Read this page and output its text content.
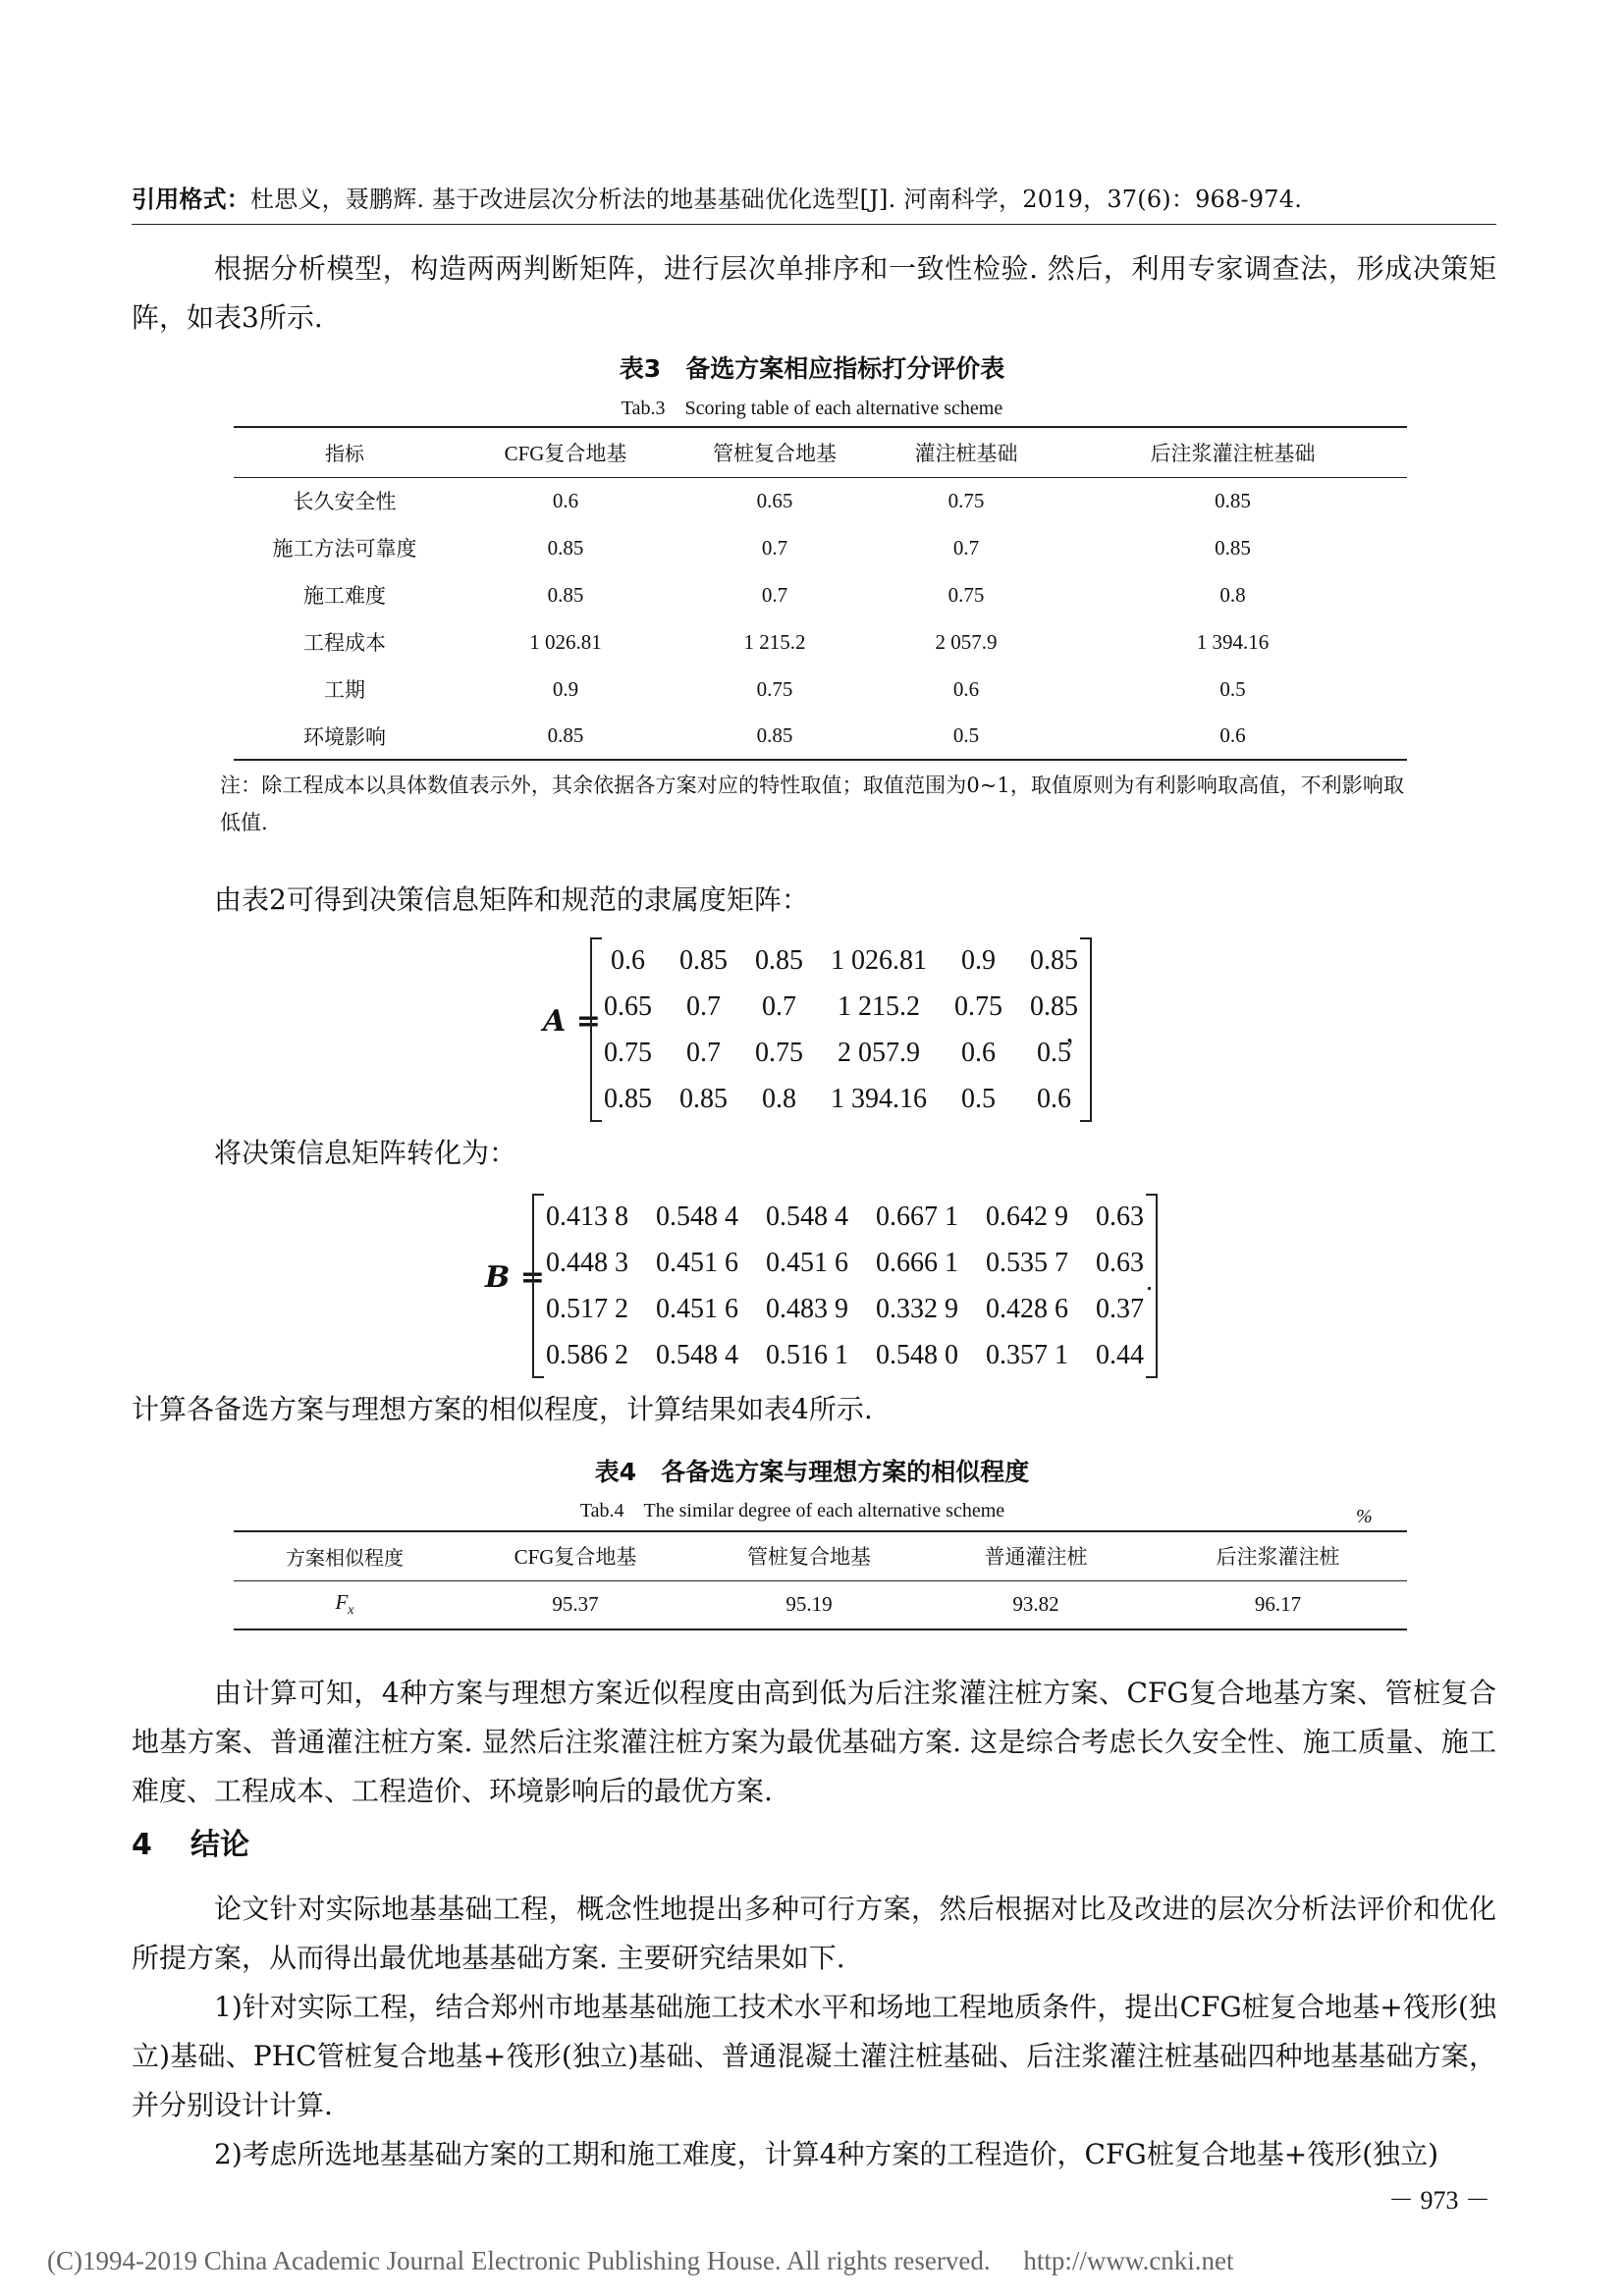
引用格式：杜思义，聂鹏辉. 基于改进层次分析法的地基基础优化选型[J]. 河南科学，2019，37(6)：968-974.

根据分析模型，构造两两判断矩阵，进行层次单排序和一致性检验. 然后，利用专家调查法，形成决策矩阵，如表3所示.

表3　备选方案相应指标打分评价表
Tab.3　Scoring table of each alternative scheme
指标	CFG复合地基	管桩复合地基	灌注桩基础	后注浆灌注桩基础
长久安全性	0.6	0.65	0.75	0.85
施工方法可靠度	0.85	0.7	0.7	0.85
施工难度	0.85	0.7	0.75	0.8
工程成本	1 026.81	1 215.2	2 057.9	1 394.16
工期	0.9	0.75	0.6	0.5
环境影响	0.85	0.85	0.5	0.6
注：除工程成本以具体数值表示外，其余依据各方案对应的特性取值；取值范围为0~1，取值原则为有利影响取高值，不利影响取低值.

由表2可得到决策信息矩阵和规范的隶属度矩阵：

A =
0.6	0.85	0.85	1 026.81	0.9	0.85
0.65	0.7	0.7	1 215.2	0.75	0.85
0.75	0.7	0.75	2 057.9	0.6	0.5
0.85	0.85	0.8	1 394.16	0.5	0.6
，

将决策信息矩阵转化为：

B =
0.413 8	0.548 4	0.548 4	0.667 1	0.642 9	0.63
0.448 3	0.451 6	0.451 6	0.666 1	0.535 7	0.63
0.517 2	0.451 6	0.483 9	0.332 9	0.428 6	0.37
0.586 2	0.548 4	0.516 1	0.548 0	0.357 1	0.44
.

计算各备选方案与理想方案的相似程度，计算结果如表4所示.

表4　各备选方案与理想方案的相似程度
Tab.4　The similar degree of each alternative scheme	%
方案相似程度	CFG复合地基	管桩复合地基	普通灌注桩	后注浆灌注桩
$F_x$	95.37	95.19	93.82	96.17

由计算可知，4种方案与理想方案近似程度由高到低为后注浆灌注桩方案、CFG复合地基方案、管桩复合地基方案、普通灌注桩方案. 显然后注浆灌注桩方案为最优基础方案. 这是综合考虑长久安全性、施工质量、施工难度、工程成本、工程造价、环境影响后的最优方案.

4 结论

论文针对实际地基基础工程，概念性地提出多种可行方案，然后根据对比及改进的层次分析法评价和优化所提方案，从而得出最优地基基础方案. 主要研究结果如下.

1)针对实际工程，结合郑州市地基基础施工技术水平和场地工程地质条件，提出CFG桩复合地基+筏形(独立)基础、PHC管桩复合地基+筏形(独立)基础、普通混凝土灌注桩基础、后注浆灌注桩基础四种地基基础方案，并分别设计计算.

2)考虑所选地基基础方案的工期和施工难度，计算4种方案的工程造价，CFG桩复合地基+筏形(独立)

－ 973 －
(C)1994-2019 China Academic Journal Electronic Publishing House. All rights reserved.　 http://www.cnki.net
